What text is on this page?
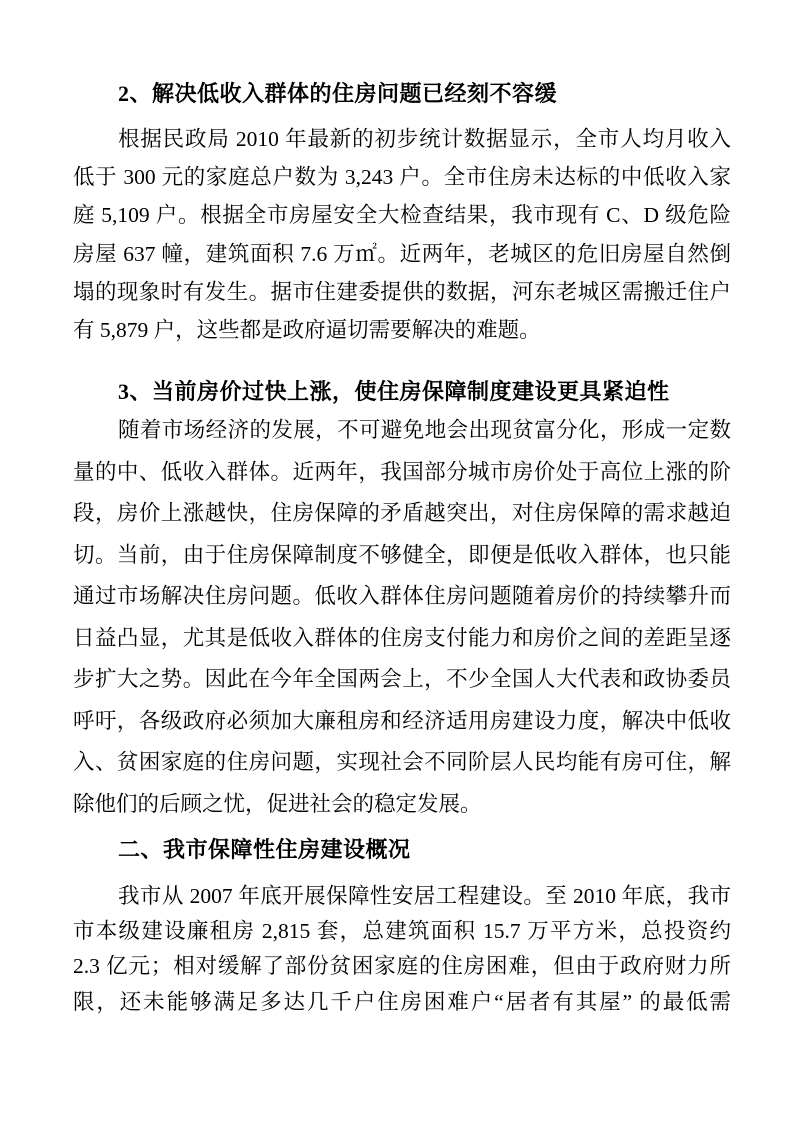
2、解决低收入群体的住房问题已经刻不容缓
根据民政局 2010 年最新的初步统计数据显示，全市人均月收入
低于 300 元的家庭总户数为 3,243 户。全市住房未达标的中低收入家
庭 5,109 户。根据全市房屋安全大检查结果，我市现有 C、D 级危险
房屋 637 幢，建筑面积 7.6 万㎡。近两年，老城区的危旧房屋自然倒
塌的现象时有发生。据市住建委提供的数据，河东老城区需搬迁住户
有 5,879 户，这些都是政府逼切需要解决的难题。
3、当前房价过快上涨，使住房保障制度建设更具紧迫性
随着市场经济的发展，不可避免地会出现贫富分化，形成一定数
量的中、低收入群体。近两年，我国部分城市房价处于高位上涨的阶
段，房价上涨越快，住房保障的矛盾越突出，对住房保障的需求越迫
切。当前，由于住房保障制度不够健全，即便是低收入群体，也只能
通过市场解决住房问题。低收入群体住房问题随着房价的持续攀升而
日益凸显，尤其是低收入群体的住房支付能力和房价之间的差距呈逐
步扩大之势。因此在今年全国两会上，不少全国人大代表和政协委员
呼吁，各级政府必须加大廉租房和经济适用房建设力度，解决中低收
入、贫困家庭的住房问题，实现社会不同阶层人民均能有房可住，解
除他们的后顾之忧，促进社会的稳定发展。
二、我市保障性住房建设概况
我市从 2007 年底开展保障性安居工程建设。至 2010 年底，我市
市本级建设廉租房 2,815 套，总建筑面积 15.7 万平方米，总投资约
2.3 亿元；相对缓解了部份贫困家庭的住房困难，但由于政府财力所
限，还未能够满足多达几千户住房困难户“居者有其屋” 的最低需
